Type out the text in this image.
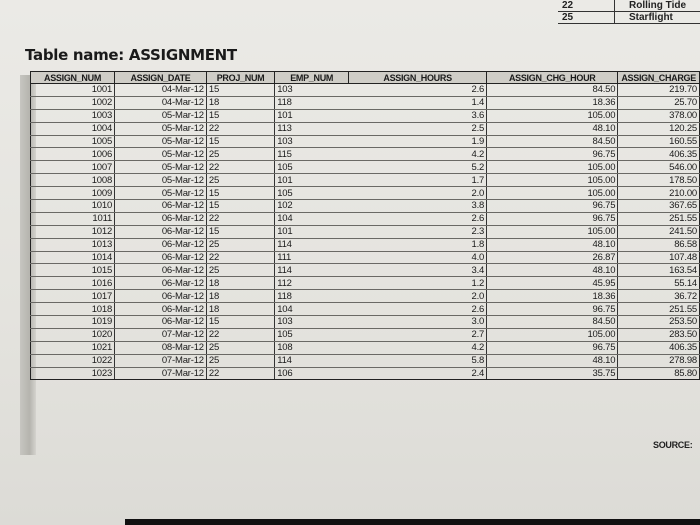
22	Rolling Tide
25	Starflight
Table name: ASSIGNMENT
ASSIGN_NUM	ASSIGN_DATE	PROJ_NUM	EMP_NUM	ASSIGN_HOURS	ASSIGN_CHG_HOUR	ASSIGN_CHARGE
1001	04-Mar-12	15	103	2.6	84.50	219.70
1002	04-Mar-12	18	118	1.4	18.36	25.70
1003	05-Mar-12	15	101	3.6	105.00	378.00
1004	05-Mar-12	22	113	2.5	48.10	120.25
1005	05-Mar-12	15	103	1.9	84.50	160.55
1006	05-Mar-12	25	115	4.2	96.75	406.35
1007	05-Mar-12	22	105	5.2	105.00	546.00
1008	05-Mar-12	25	101	1.7	105.00	178.50
1009	05-Mar-12	15	105	2.0	105.00	210.00
1010	06-Mar-12	15	102	3.8	96.75	367.65
1011	06-Mar-12	22	104	2.6	96.75	251.55
1012	06-Mar-12	15	101	2.3	105.00	241.50
1013	06-Mar-12	25	114	1.8	48.10	86.58
1014	06-Mar-12	22	111	4.0	26.87	107.48
1015	06-Mar-12	25	114	3.4	48.10	163.54
1016	06-Mar-12	18	112	1.2	45.95	55.14
1017	06-Mar-12	18	118	2.0	18.36	36.72
1018	06-Mar-12	18	104	2.6	96.75	251.55
1019	06-Mar-12	15	103	3.0	84.50	253.50
1020	07-Mar-12	22	105	2.7	105.00	283.50
1021	08-Mar-12	25	108	4.2	96.75	406.35
1022	07-Mar-12	25	114	5.8	48.10	278.98
1023	07-Mar-12	22	106	2.4	35.75	85.80
SOURCE:
